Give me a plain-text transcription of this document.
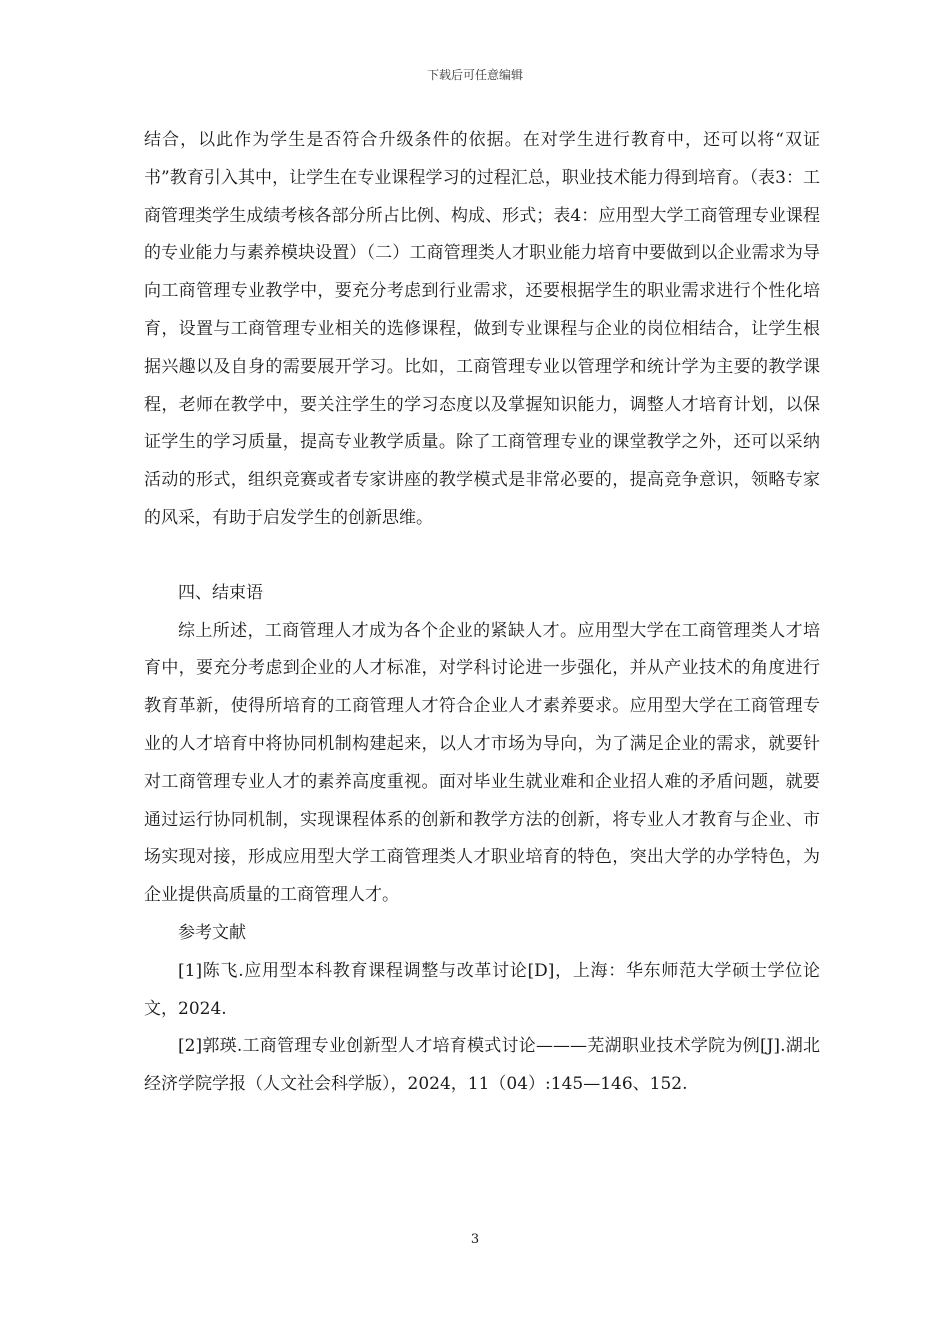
下载后可任意编辑

结合，以此作为学生是否符合升级条件的依据。在对学生进行教育中，还可以将“双证书”教育引入其中，让学生在专业课程学习的过程汇总，职业技术能力得到培育。（表3：工商管理类学生成绩考核各部分所占比例、构成、形式；表4：应用型大学工商管理专业课程的专业能力与素养模块设置）（二）工商管理类人才职业能力培育中要做到以企业需求为导向工商管理专业教学中，要充分考虑到行业需求，还要根据学生的职业需求进行个性化培育，设置与工商管理专业相关的选修课程，做到专业课程与企业的岗位相结合，让学生根据兴趣以及自身的需要展开学习。比如，工商管理专业以管理学和统计学为主要的教学课程，老师在教学中，要关注学生的学习态度以及掌握知识能力，调整人才培育计划，以保证学生的学习质量，提高专业教学质量。除了工商管理专业的课堂教学之外，还可以采纳活动的形式，组织竞赛或者专家讲座的教学模式是非常必要的，提高竞争意识，领略专家的风采，有助于启发学生的创新思维。

四、结束语

综上所述，工商管理人才成为各个企业的紧缺人才。应用型大学在工商管理类人才培育中，要充分考虑到企业的人才标准，对学科讨论进一步强化，并从产业技术的角度进行教育革新，使得所培育的工商管理人才符合企业人才素养要求。应用型大学在工商管理专业的人才培育中将协同机制构建起来，以人才市场为导向，为了满足企业的需求，就要针对工商管理专业人才的素养高度重视。面对毕业生就业难和企业招人难的矛盾问题，就要通过运行协同机制，实现课程体系的创新和教学方法的创新，将专业人才教育与企业、市场实现对接，形成应用型大学工商管理类人才职业培育的特色，突出大学的办学特色，为企业提供高质量的工商管理人才。

参考文献

[1]陈飞.应用型本科教育课程调整与改革讨论[D]，上海：华东师范大学硕士学位论文，2024.

[2]郭瑛.工商管理专业创新型人才培育模式讨论———芜湖职业技术学院为例[J].湖北经济学院学报（人文社会科学版），2024，11（04）:145—146、152.

3
